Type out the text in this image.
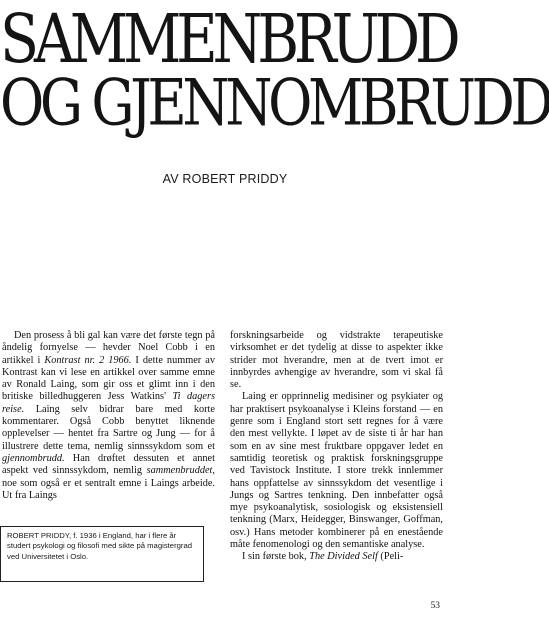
SAMMENBRUDD
OG GJENNOMBRUDD
AV ROBERT PRIDDY

Den prosess å bli gal kan være det første tegn på åndelig fornyelse — hevder Noel Cobb i en artikkel i Kontrast nr. 2 1966. I dette nummer av Kontrast kan vi lese en artikkel over samme emne av Ronald Laing, som gir oss et glimt inn i den britiske billedhuggeren Jess Watkins' Ti dagers reise. Laing selv bidrar bare med korte kommentarer. Også Cobb benyttet liknende opplevelser — hentet fra Sartre og Jung — for å illustrere dette tema, nemlig sinnssykdom som et gjennombrudd. Han drøftet dessuten et annet aspekt ved sinnssykdom, nemlig sammenbruddet, noe som også er et sentralt emne i Laings arbeide. Ut fra Laings

ROBERT PRIDDY, f. 1936 i England, har i flere år studert psykologi og filosofi med sikte på magistergrad ved Universitetet i Oslo.

forskningsarbeide og vidstrakte terapeutiske virksomhet er det tydelig at disse to aspekter ikke strider mot hverandre, men at de tvert imot er innbyrdes avhengige av hverandre, som vi skal få se.

Laing er opprinnelig medisiner og psykiater og har praktisert psykoanalyse i Kleins forstand — en genre som i England stort sett regnes for å være den mest vellykte. I løpet av de siste ti år har han som en av sine mest fruktbare oppgaver ledet en samtidig teoretisk og praktisk forskningsgruppe ved Tavistock Institute. I store trekk innlemmer hans oppfattelse av sinnssykdom det vesentlige i Jungs og Sartres tenkning. Den innbefatter også mye psykoanalytisk, sosiologisk og eksistensiell tenkning (Marx, Heidegger, Binswanger, Goffman, osv.) Hans metoder kombinerer på en enestående måte fenomenologi og den semantiske analyse.

I sin første bok, The Divided Self (Peli-

53
